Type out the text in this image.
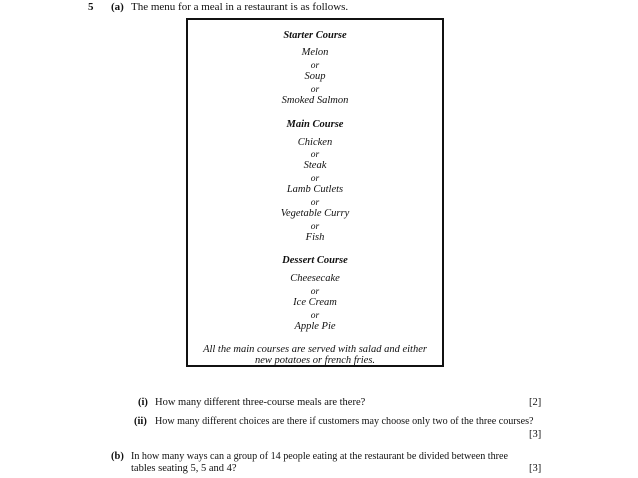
5 (a) The menu for a meal in a restaurant is as follows.
Starter Course
Melon
or
Soup
or
Smoked Salmon
Main Course
Chicken
or
Steak
or
Lamb Cutlets
or
Vegetable Curry
or
Fish
Dessert Course
Cheesecake
or
Ice Cream
or
Apple Pie
All the main courses are served with salad and either
new potatoes or french fries.
(i) How many different three-course meals are there?	[2]
(ii) How many different choices are there if customers may choose only two of the three courses?
[3]
(b) In how many ways can a group of 14 people eating at the restaurant be divided between three
tables seating 5, 5 and 4?	[3]
